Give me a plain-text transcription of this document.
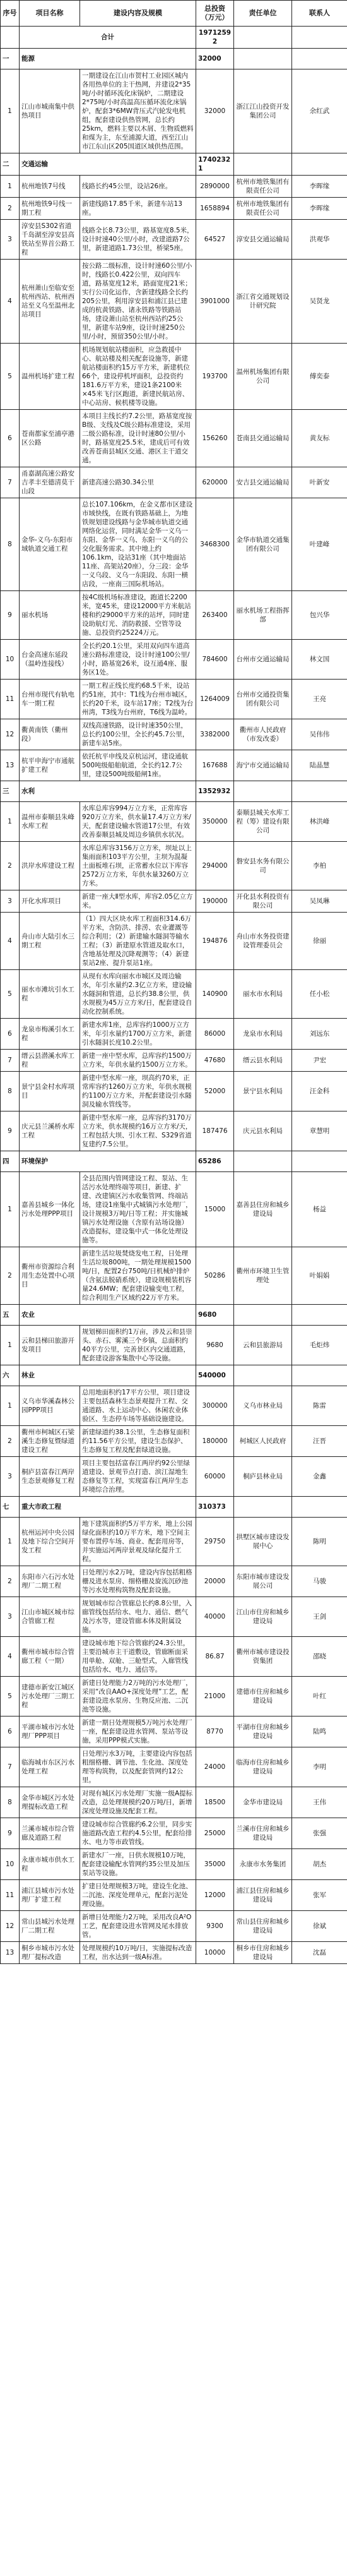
序号	项目名称	建设内容及规模	总投资（万元）	责任单位	联系人
	合计		19712592		
一	能源		32000		
1	江山市城南集中供热项目	一期建设在江山市贺村工业园区城内各用热单位的主干热网，并建设2*35吨/小时循环流化床锅炉，二期建设2*75吨/小时高温高压循环流化床锅炉，配套3*6MW背压式汽轮发电机组，配套建设供热管网，总长约25km，燃料主要以木屑、生物质燃料和煤为主，东至浦源大道，西至江山市江东山区205国道区域供热范围。	32000	浙江江山投资开发集团公司	余红武
二	交通运输		17402321		
1	杭州地铁7号线	线路长约45公里，设站26座。	2890000	杭州市地铁集团有限责任公司	李晖缘
2	杭州地铁9号线一期工程	新建线路17.85千米，新建车站13座。	1658894	杭州市地铁集团有限责任公司	李晖缘
3	淳安县S302省道千岛湖至淳安县高铁站至界首公路工程	线路全长8.73公里，路基宽度8.5米，设计时速40公里/小时，改建道路7公里，新建道路1.73公里，桥梁5座。	64527	淳安县交通运输局	洪观华
4	杭州萧山至临安至杭州西站、杭州西站至义乌至温州北站项目	按公路二级标准，设计时速60公里/小时，线路长0.422公里，双向四车道，路基宽度12米，路面宽度21米；实行公司化运作，含新建线路全长约205公里，利用淳安县和浦江县已建成的杭黄铁路、诸永铁路等铁路站场，建设萧山站至杭州西站约25公里，新建车站9座，设计时速250公里/小时，预留350公里/小时。	3901000	浙江省交通规划设计研究院	吴贤龙
5	温州机场扩建工程	机场规划航站楼面积，应急救援中心、航站楼及相关配套设施等，新建航站楼面积约15万平方米，新建机位66个，建设停机坪面积，总投资约181.6万平方米，建设1条2100米×45米飞行区跑道，新建民航站房、中心站房、候机楼等设施。	193700	温州机场集团有限公司	傅奕泰
6	苍南都家至浦亭港区公路	本项目主线长约7.2公里，路基宽度按B级、支线及C级公路标准建设，采用二级公路标准，设计时速80公里/小时，路基宽度25.5米，建成后可有效改善苍南县城区交通、港区主干道交通。	156260	苍南县交通运输局	黄友标
7	甬嘉湖高速公路安吉孝丰至德清莫干山段	新建高速公路30.34公里	620000	安吉县交通运输局	叶新安
8	金华-义乌-东阳市域轨道交通工程	总长107.106km，在金义都市区建设市域快线，在既有铁路基础上，为地铁规划建设线路与金华城市轨道交通网络化运营，同时满足金华一义乌一东阳、金华一义乌、东阳一义乌的公交化服务需求。其中地上约106.1km，设站31座（其中地面站11座、高架站20座），分三段：金华一义乌段、义乌一东阳段、东阳一横店段，一座南三国际机场站。	3468300	金华市轨道交通集团有限公司	叶建峰
9	丽水机场	按4C级机场标准建设，跑道长2200米，宽45米，建设12000平方米航站楼和约29000平方米的站坪，同时建设助航灯光、消防救援、空管等设施、总投资约25224万元。	263400	丽水机场工程指挥部	包兴华
10	台金高速东延段（温岭连接线）	全长约20.1公里，采用双向四车道高速公路标准建设，设计时速100公里/小时，路基宽26米，设互通4座、服务区1处。	784600	台州市交通运输局	林文国
11	台州市现代有轨电车一期工程	一期工程正线长度约68.5千米，设站约51座，其中：T1线为台州市城区，长约20千米，设车站17座；T2线为台州湾，T3线为台州府，T6线为温岭。	1264009	台州市交通投资集团有限公司	王亮
12	衢黄南铁（衢州段）	双线高速铁路，设计时速350公里，总长约100公里，全长约45.7公里，新建车站5座。	3382000	衢州市人民政府（市发改委）	吴伟伟
13	杭平申海宁市通航扩建工程	依托杭平申线及京杭运河，建设通航500吨级船舶航道，全长约12.7公里，建设500吨级船闸1座。	167688	海宁市交通运输局	陆晶慧
三	水利		1352932		
1	温州市泰顺县朱峰水库工程	水库总库容994万立方米，正常库容920万立方米，供水量17.4万立方米/天，配套建设输水管道17公里，有效改善泰顺县城及周边乡镇供水状况。	350000	泰顺县城关水库工程（筹）建设有限公司	林洪峰
2	洪岸水库建设工程	水库总库容3156万立方米，坝址以上集雨面积103平方公里，主坝为混凝土面板堆石坝，正常蓄水位以下库容2572万立方米，年供水量3260万立方米。	294000	磐安县水务有限公司	李柏
3	开化水库项目	新建一座大Ⅱ型水库，库容2.05亿立方米。	190000	开化县水利投资有限公司	吴凤琳
4	舟山市大陆引水三期工程	（1）四大区块水库工程面积314.6万平方米，含防洪、排涝、农业灌溉等综合利用；（2）新建输水隧洞等输水工程；（3）新建原水管道及取水口，含地基处理及沉降观测等；（4）新建泵站2座、提升泵站1座。	194876	舟山市水务投资建设管理委员会	徐丽
5	丽水市滩坑引水工程	从现有水库向丽水市城区及周边输水，年引水量约2.3亿立方米，建设输水隧洞和管道，总长约38.8公里，供水规模为45万立方米/日，配套建设自动化控制系统。	140900	丽水市水利局	任小松
6	龙泉市梅溪引水工程	新建水库1座，总库容约1000万立方米，年引水量约1700万立方米，新建引水隧洞长度10.2公里。	86000	龙泉市水利局	刘远东
7	缙云县潜溪水库工程	新建一座中型水库，总库容约1500万立方米，年供水量约1500万立方米。	47680	缙云县水利局	尹宏
8	景宁县金村水库项目	新建中型水库一座，坝高约70米，正常库容约1260万立方米，年供水规模约1100万立方米，并配套建设引水隧洞及输水管线等。	52000	景宁县水利局	汪金科
9	庆元县兰溪桥水库工程	新建中型水库一座，总库容约3170万立方米，供水规模约16万立方米/天，工程包括大坝、引水工程、S329省道复建约7.5公里。	187476	庆元县水利局	章慧明
四	环境保护		65286		
1	嘉善县城乡一体化污水处理PPP项目	全县范围内管网建设工程、泵站、生活污水处理终端等项目，新建、扩建、改建镇区污水收集管网、终端站场，建设1座集中式城镇污水处理厂，设计规模3万吨/日等工程；并实施城镇污水处理设施（含原有站场设施）改造提标，建设集中式一体化处理设施等。	15000	嘉善县住房和城乡建设局	杨益
2	衢州市资源综合利用生态处置中心项目	新建生活垃圾焚烧发电工程，日处理生活垃圾800吨，一期处理规模1500吨/日，配置2台750吨/日机械炉排炉（含氨法脱硝系统），建设规模装机容量24.6MW；配套建设输变电工程，综合利用生产区域约22万平方米。	50286	衢州市环境卫生管理处	叶娟娟
五	农业		9680		
1	云和县梯田旅游开发项目	规划梯田面积约1万亩，涉及云和县崇头、赤石、雾溪三个乡镇，总面积约40平方公里，完善景区内交通道路，配套建设游客集散中心等设施。	9680	云和县旅游局	毛炬炜
六	林业		540000		
1	义乌市华溪森林公园PPP项目	总用地面积约17平方公里，项目建设主要包括森林生态景观提升工程、交通道路、水上运动中心、休闲农业体验区、生态停车场等基础设施建设。	300000	义乌市林业局	陈雷
2	衢州市柯城区石梁溪生态修复暨绿道建设工程	新建绿道约38.1公里，生态修复面积约11.56平方公里，建设生态保护、生态修复工程及配套绿道设施。	180000	柯城区人民政府	汪晋
3	桐庐县富春江两岸生态景观修复工程	项目主要包括富春江两岸约92公里绿道建设、景观节点打造、滨江湿地生态修复等工程，实现富春江两岸生态环境综合治理。	60000	桐庐县林业局	金鑫
七	重大市政工程		310373		
1	杭州运河中央公园及地下综合空间开发工程	地下建筑面积约5万平方米，地上公园绿化面积约10万平方米，地下空间主要布置停车场、商业、配套用房等，并实施运河两岸景观及绿化提升工程。	29750	拱墅区城市建设发展中心	陈明
2	东阳市六石污水处理厂二期工程	日处理污水2万吨，建设内容包括粗格栅及进水泵房、细格栅及旋流沉砂池等污水处理构筑物及配套设施。	20000	东阳市城市建设发展公司	马骏
3	江山市城区城市综合管廊工程	规划城市综合管廊总长约8.8公里，入廊管线包括给水、电力、通信、燃气及污水等，建设管廊本体及附属设施。	40000	江山市住房和城乡建设局	王剑
4	衢州市城市综合管廊工程（一期）	建设城市地下综合管廊约24.3公里，主要沿城市主干道敷设，管廊断面采用单舱、双舱、三舱型式，入廊管线包括给水、电力、通信等。	86.87	衢州市城市建设投资集团	邵晓
5	建德市新安江城区污水处理厂三期工程	新建日处理能力2万吨的污水处理厂，采用“改良AAO+深度处理”工艺，配套建设进水泵房、生物反应池、二沉池等设施。	21000	建德市住房和城乡建设局	叶红
6	平湖市城市污水处理厂PPP项目	新建一期日处理规模5万吨污水处理厂一座，配套建设进水管网、泵站等设施，采用PPP模式实施。	8770	平湖市住房和城乡建设局	陆鸣
7	临海城市东区污水处理工程	日处理污水3万吨，主要建设内容包括粗细格栅、调节池、生化池、深度处理等构筑物，以及配套管网约12公里。	24000	临海市住房和城乡建设局	李明
8	金华市城区污水处理提标改造工程	对现有城区污水处理厂实施一级A提标改造，总处理规模约20万吨/日，新增深度处理设施及配套工程。	18500	金华市建设局	王伟
9	兰溪市城市综合管廊及道路工程	建设城市综合管廊约6.2公里，同步实施道路改造工程约4.5公里，配套给排水、电力等市政管线。	25000	兰溪市住房和城乡建设局	张强
10	永康市城市供水工程	新建水厂一座，日供水规模10万吨，配套建设输配水管网约35公里及加压泵站等设施。	35000	永康市水务集团	胡杰
11	浦江县城市污水处理厂扩建工程	扩建日处理规模3万吨，建设生化池、二沉池、深度处理单元，配套污泥处理设施。	12000	浦江县住房和城乡建设局	张军
12	常山县城污水处理厂二期工程	新增日处理能力2万吨，采用改良A²O工艺，配套建设进水管网及尾水排放管。	9300	常山县住房和城乡建设局	徐斌
13	桐乡市城市污水处理厂提标改造	处理规模约10万吨/日，实施提标改造工程，出水达到一级A标准。	10000	桐乡市住房和城乡建设局	沈磊
